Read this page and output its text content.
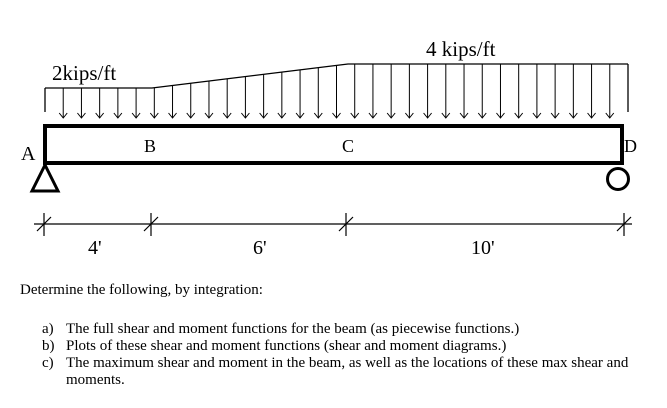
2kips/ft
4 kips/ft
A	B	C	D
4'	6'	10'

Determine the following, by integration:

a) The full shear and moment functions for the beam (as piecewise functions.)
b) Plots of these shear and moment functions (shear and moment diagrams.)
c) The maximum shear and moment in the beam, as well as the locations of these max shear and moments.
